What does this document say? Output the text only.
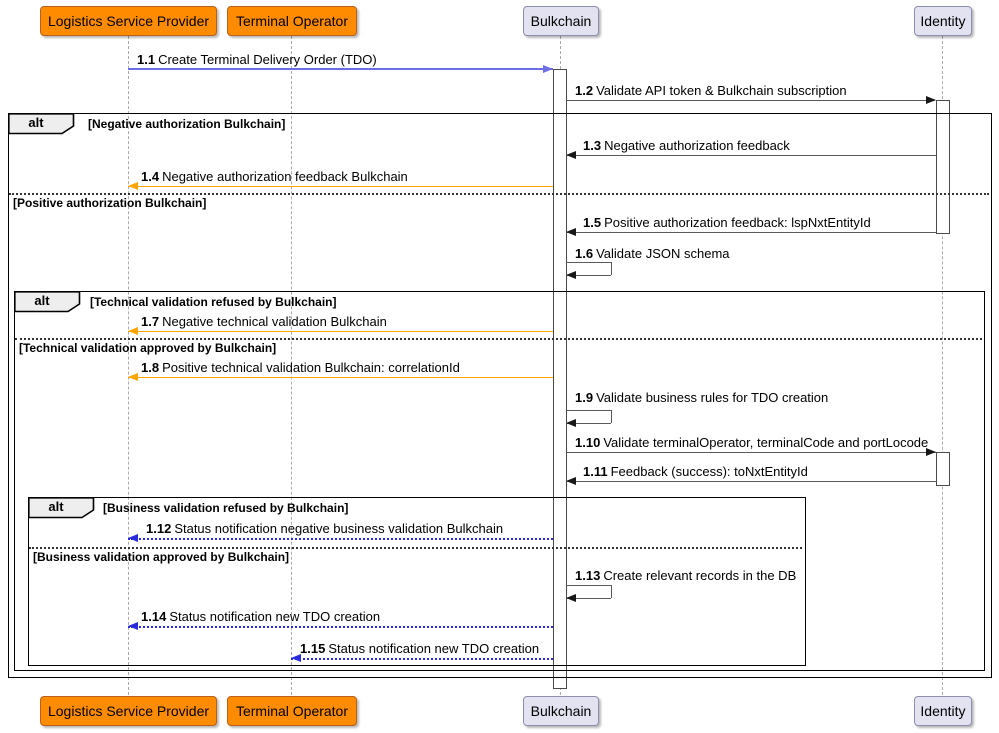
alt	[Negative authorization Bulkchain]
[Positive authorization Bulkchain]
alt	[Technical validation refused by Bulkchain]
[Technical validation approved by Bulkchain]
alt	[Business validation refused by Bulkchain]
[Business validation approved by Bulkchain]
1.1 Create Terminal Delivery Order (TDO)
1.2 Validate API token & Bulkchain subscription
1.3 Negative authorization feedback
1.4 Negative authorization feedback Bulkchain
1.5 Positive authorization feedback: lspNxtEntityId
1.6 Validate JSON schema
1.7 Negative technical validation Bulkchain
1.8 Positive technical validation Bulkchain: correlationId
1.9 Validate business rules for TDO creation
1.10 Validate terminalOperator, terminalCode and portLocode
1.11 Feedback (success): toNxtEntityId
1.12 Status notification negative business validation Bulkchain
1.13 Create relevant records in the DB
1.14 Status notification new TDO creation
1.15 Status notification new TDO creation
Logistics Service Provider	Terminal Operator	Bulkchain	Identity
Logistics Service Provider	Terminal Operator	Bulkchain	Identity
